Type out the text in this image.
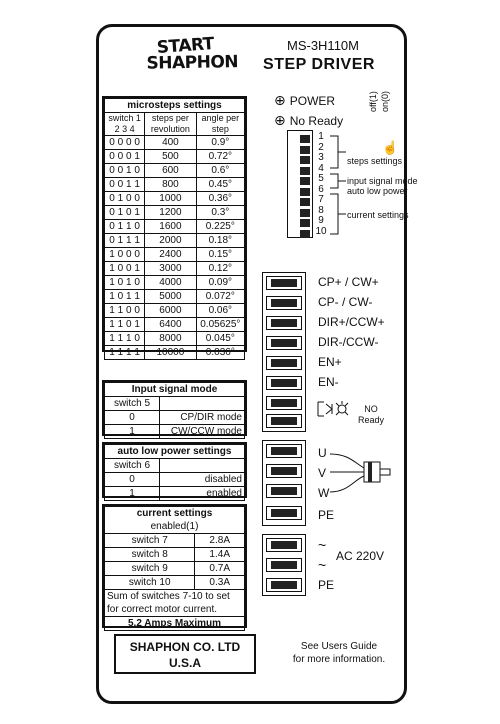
START
SHAPHON
MS-3H110M
STEP DRIVER
⊕ POWER
⊕ No Ready
off(1) on(0)
☝
1
2
3
4
5
6
7
8
9
10
steps settings
input signal mode
auto low power
current settings
microsteps settings		
switch 1 2 3 4	steps per revolution	angle per step
0 0 0 0	400	0.9°
0 0 0 1	500	0.72°
0 0 1 0	600	0.6°
0 0 1 1	800	0.45°
0 1 0 0	1000	0.36°
0 1 0 1	1200	0.3°
0 1 1 0	1600	0.225°
0 1 1 1	2000	0.18°
1 0 0 0	2400	0.15°
1 0 0 1	3000	0.12°
1 0 1 0	4000	0.09°
1 0 1 1	5000	0.072°
1 1 0 0	6000	0.06°
1 1 0 1	6400	0.05625°
1 1 1 0	8000	0.045°
1 1 1 1	10000	0.036°
Input signal mode	
switch 5	
0	CP/DIR mode
1	CW/CCW mode
auto low power settings	
switch 6	
0	disabled
1	enabled
current settings	
enabled(1)	
switch 7	2.8A
switch 8	1.4A
switch 9	0.7A
switch 10	0.3A
Sum of switches 7-10 to set for correct motor current.	
5.2 Amps Maximum	
CP+ / CW+
CP- / CW-
DIR+/CCW+
DIR-/CCW-
EN+
EN-
NO
Ready
U
V
W
PE
~
~
AC 220V
PE
SHAPHON CO. LTD
U.S.A
See Users Guide
for more information.
